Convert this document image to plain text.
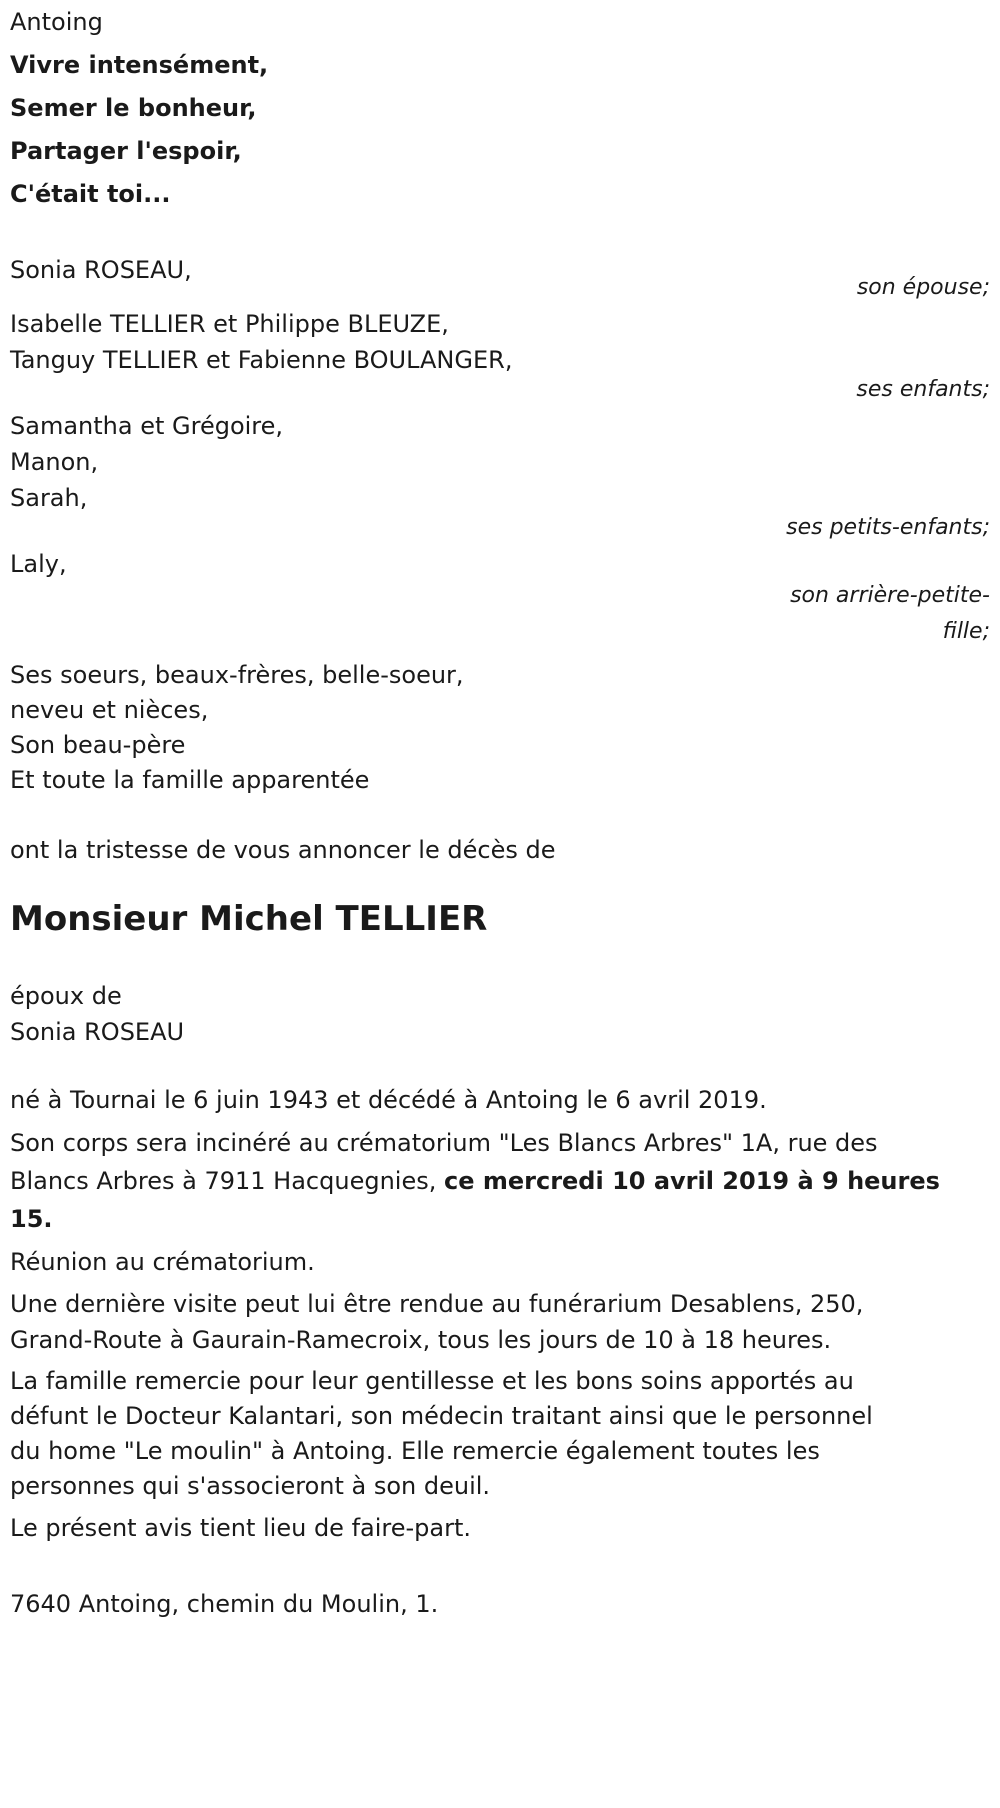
Antoing
Vivre intensément,
Semer le bonheur,
Partager l'espoir,
C'était toi...
Sonia ROSEAU,
son épouse;
Isabelle TELLIER et Philippe BLEUZE,
Tanguy TELLIER et Fabienne BOULANGER,
ses enfants;
Samantha et Grégoire,
Manon,
Sarah,
ses petits-enfants;
Laly,
son arrière-petite-
fille;
Ses soeurs, beaux-frères, belle-soeur,
neveu et nièces,
Son beau-père
Et toute la famille apparentée
ont la tristesse de vous annoncer le décès de
Monsieur Michel TELLIER
époux de
Sonia ROSEAU
né à Tournai le 6 juin 1943 et décédé à Antoing le 6 avril 2019.
Son corps sera incinéré au crématorium "Les Blancs Arbres" 1A, rue des
Blancs Arbres à 7911 Hacquegnies, ce mercredi 10 avril 2019 à 9 heures
15.
Réunion au crématorium.
Une dernière visite peut lui être rendue au funérarium Desablens, 250,
Grand-Route à Gaurain-Ramecroix, tous les jours de 10 à 18 heures.
La famille remercie pour leur gentillesse et les bons soins apportés au
défunt le Docteur Kalantari, son médecin traitant ainsi que le personnel
du home "Le moulin" à Antoing. Elle remercie également toutes les
personnes qui s'associeront à son deuil.
Le présent avis tient lieu de faire-part.
7640 Antoing, chemin du Moulin, 1.
